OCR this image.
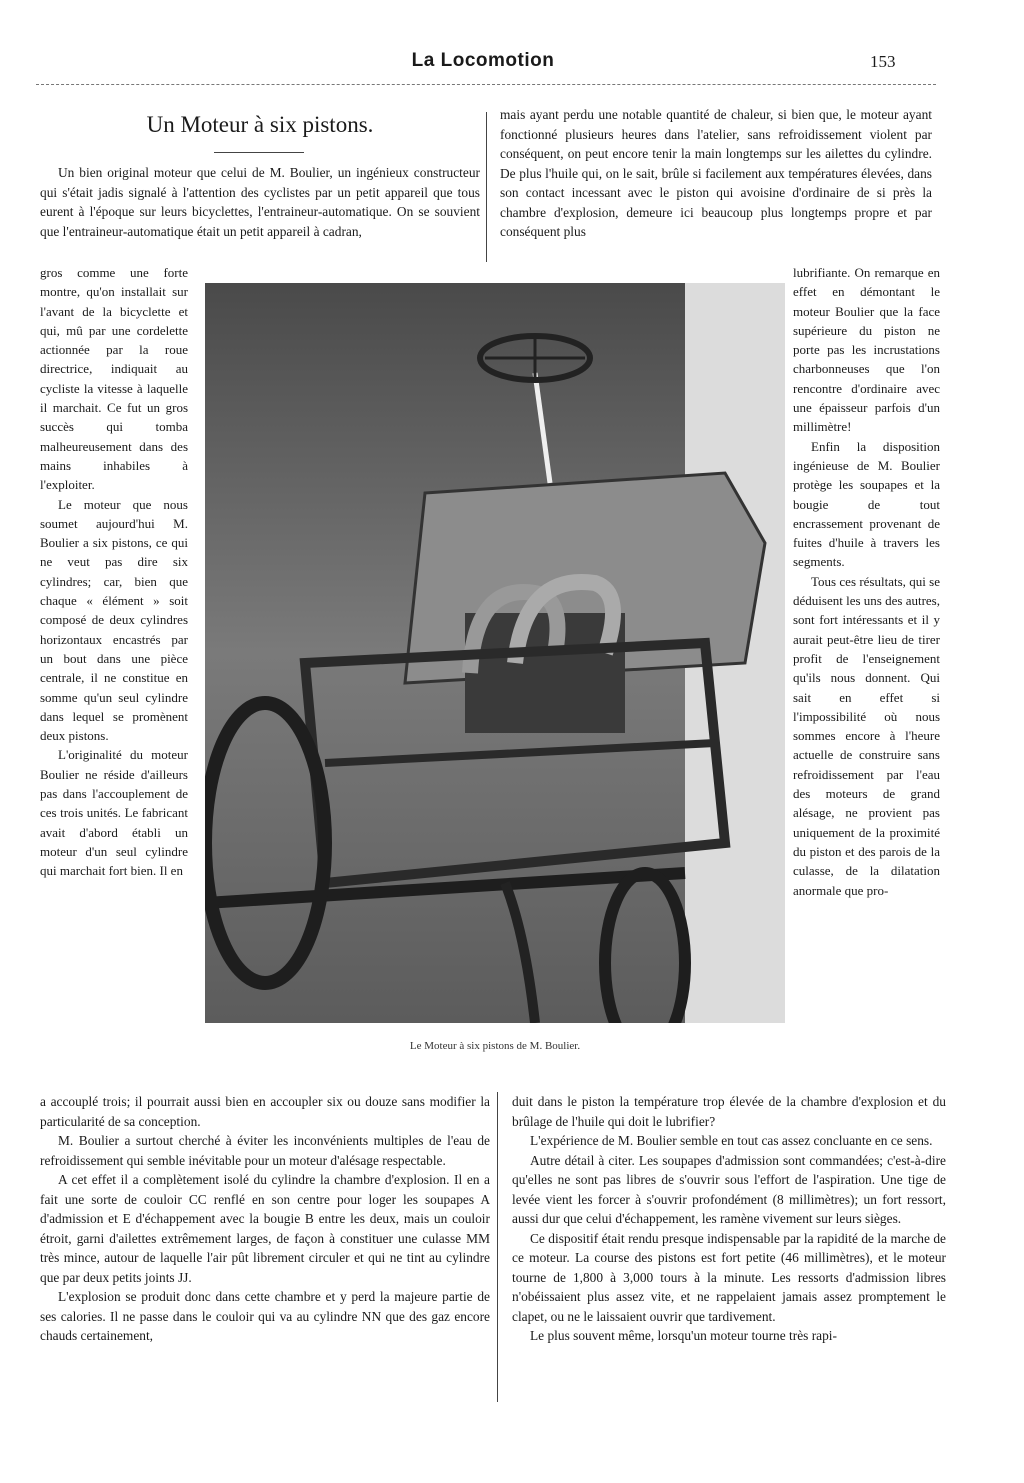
La Locomotion	153
Un Moteur à six pistons.

Un bien original moteur que celui de M. Boulier, un ingénieux constructeur qui s'était jadis signalé à l'attention des cyclistes par un petit appareil que tous eurent à l'époque sur leurs bicyclettes, l'entraineur-automatique. On se souvient que l'entraineur-automatique était un petit appareil à cadran,

gros comme une forte montre, qu'on installait sur l'avant de la bicyclette et qui, mû par une cordelette actionnée par la roue directrice, indiquait au cycliste la vitesse à laquelle il marchait. Ce fut un gros succès qui tomba malheureusement dans des mains inhabiles à l'exploiter.

Le moteur que nous soumet aujourd'hui M. Boulier a six pistons, ce qui ne veut pas dire six cylindres; car, bien que chaque « élément » soit composé de deux cylindres horizontaux encastrés par un bout dans une pièce centrale, il ne constitue en somme qu'un seul cylindre dans lequel se promènent deux pistons.

L'originalité du moteur Boulier ne réside d'ailleurs pas dans l'accouplement de ces trois unités. Le fabricant avait d'abord établi un moteur d'un seul cylindre qui marchait fort bien. Il en

a accouplé trois; il pourrait aussi bien en accoupler six ou douze sans modifier la particularité de sa conception.

M. Boulier a surtout cherché à éviter les inconvénients multiples de l'eau de refroidissement qui semble inévitable pour un moteur d'alésage respectable.

A cet effet il a complètement isolé du cylindre la chambre d'explosion. Il en a fait une sorte de couloir CC renflé en son centre pour loger les soupapes A d'admission et E d'échappement avec la bougie B entre les deux, mais un couloir étroit, garni d'ailettes extrêmement larges, de façon à constituer une culasse MM très mince, autour de laquelle l'air pût librement circuler et qui ne tint au cylindre que par deux petits joints JJ.

L'explosion se produit donc dans cette chambre et y perd la majeure partie de ses calories. Il ne passe dans le couloir qui va au cylindre NN que des gaz encore chauds certainement,

mais ayant perdu une notable quantité de chaleur, si bien que, le moteur ayant fonctionné plusieurs heures dans l'atelier, sans refroidissement violent par conséquent, on peut encore tenir la main longtemps sur les ailettes du cylindre. De plus l'huile qui, on le sait, brûle si facilement aux températures élevées, dans son contact incessant avec le piston qui avoisine d'ordinaire de si près la chambre d'explosion, demeure ici beaucoup plus longtemps propre et par conséquent plus

lubrifiante. On remarque en effet en démontant le moteur Boulier que la face supérieure du piston ne porte pas les incrustations charbonneuses que l'on rencontre d'ordinaire avec une épaisseur parfois d'un millimètre!

Enfin la disposition ingénieuse de M. Boulier protège les soupapes et la bougie de tout encrassement provenant de fuites d'huile à travers les segments.

Tous ces résultats, qui se déduisent les uns des autres, sont fort intéressants et il y aurait peut-être lieu de tirer profit de l'enseignement qu'ils nous donnent. Qui sait en effet si l'impossibilité où nous sommes encore à l'heure actuelle de construire sans refroidissement par l'eau des moteurs de grand alésage, ne provient pas uniquement de la proximité du piston et des parois de la culasse, de la dilatation anormale que pro-

duit dans le piston la température trop élevée de la chambre d'explosion et du brûlage de l'huile qui doit le lubrifier?

L'expérience de M. Boulier semble en tout cas assez concluante en ce sens.

Autre détail à citer. Les soupapes d'admission sont commandées; c'est-à-dire qu'elles ne sont pas libres de s'ouvrir sous l'effort de l'aspiration. Une tige de levée vient les forcer à s'ouvrir profondément (8 millimètres); un fort ressort, aussi dur que celui d'échappement, les ramène vivement sur leurs sièges.

Ce dispositif était rendu presque indispensable par la rapidité de la marche de ce moteur. La course des pistons est fort petite (46 millimètres), et le moteur tourne de 1,800 à 3,000 tours à la minute. Les ressorts d'admission libres n'obéissaient plus assez vite, et ne rappelaient jamais assez promptement le clapet, ou ne le laissaient ouvrir que tardivement.

Le plus souvent même, lorsqu'un moteur tourne très rapi-

Le Moteur à six pistons de M. Boulier.
